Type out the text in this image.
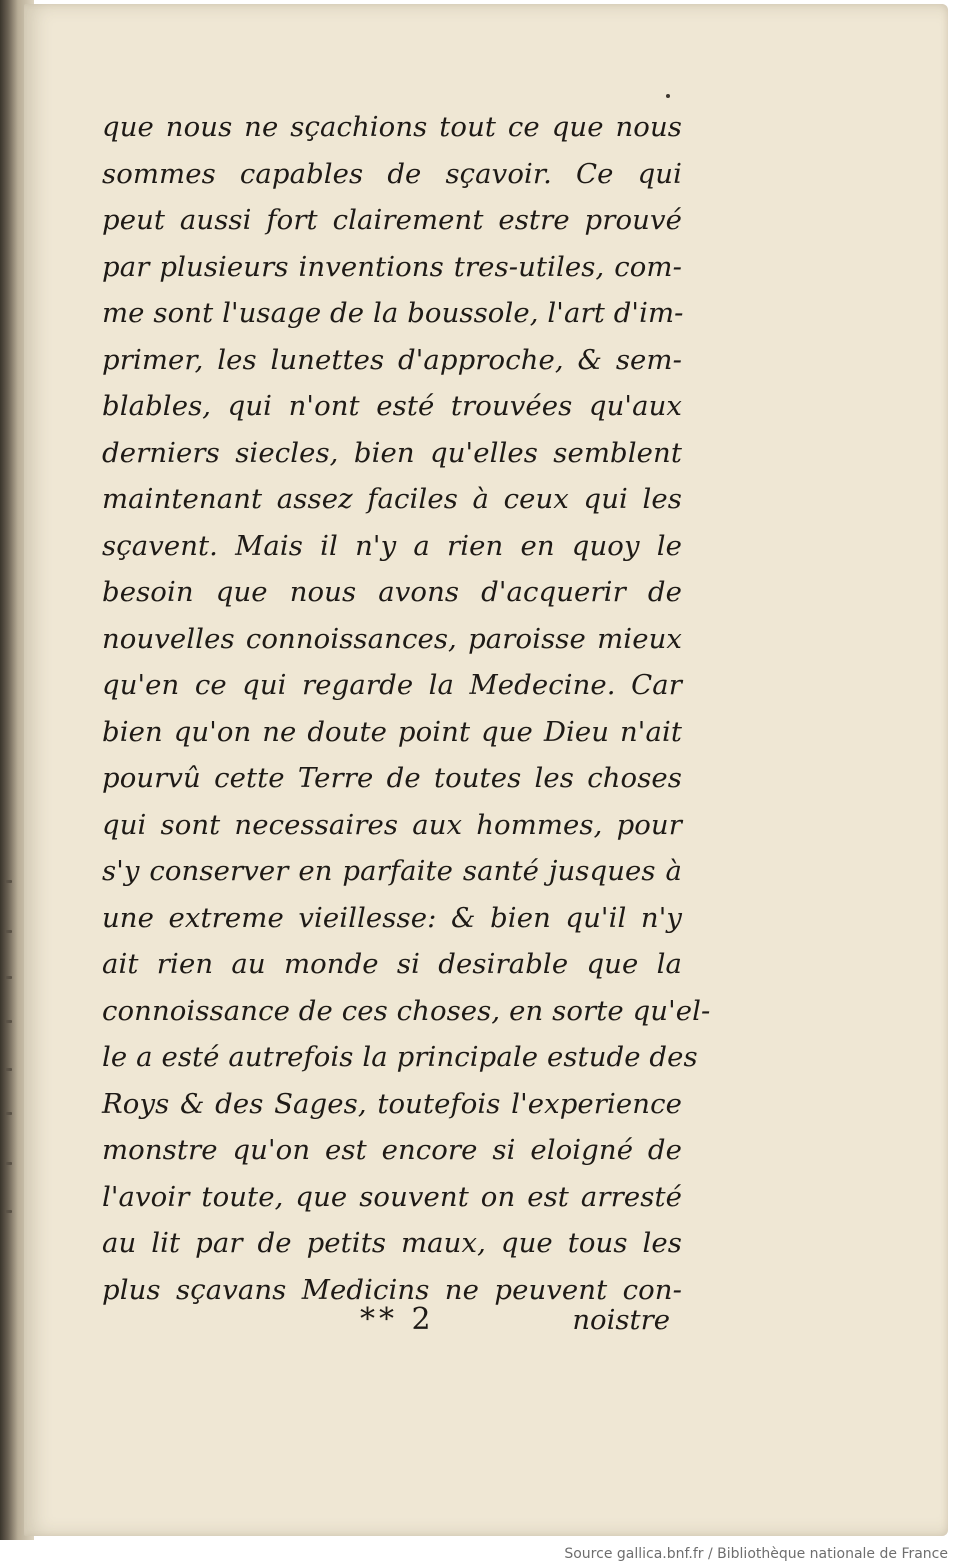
que nous ne sçachions tout ce que nous
sommes capables de sçavoir. Ce qui
peut aussi fort clairement estre prouvé
par plusieurs inventions tres-utiles, com-
me sont l'usage de la boussole, l'art d'im-
primer, les lunettes d'approche, & sem-
blables, qui n'ont esté trouvées qu'aux
derniers siecles, bien qu'elles semblent
maintenant assez faciles à ceux qui les
sçavent. Mais il n'y a rien en quoy le
besoin que nous avons d'acquerir de
nouvelles connoissances, paroisse mieux
qu'en ce qui regarde la Medecine. Car
bien qu'on ne doute point que Dieu n'ait
pourvû cette Terre de toutes les choses
qui sont necessaires aux hommes, pour
s'y conserver en parfaite santé jusques à
une extreme vieillesse: & bien qu'il n'y
ait rien au monde si desirable que la
connoissance de ces choses, en sorte qu'el-
le a esté autrefois la principale estude des
Roys & des Sages, toutefois l'experience
monstre qu'on est encore si eloigné de
l'avoir toute, que souvent on est arresté
au lit par de petits maux, que tous les
plus sçavans Medicins ne peuvent con-
** 2	noistre
Source gallica.bnf.fr / Bibliothèque nationale de France
